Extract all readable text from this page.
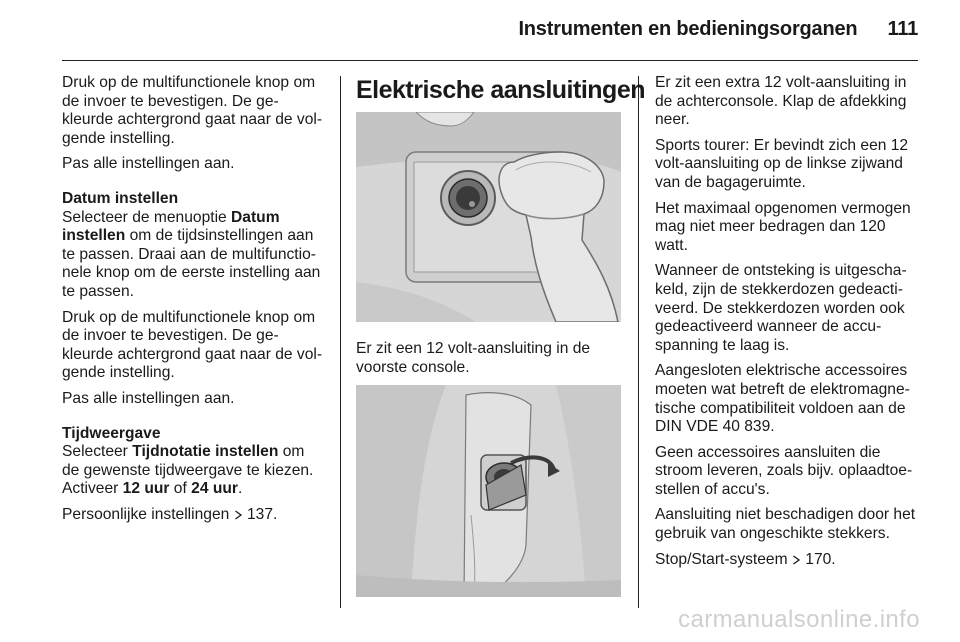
Instrumenten en bedieningsorganen 111

Druk op de multifunctionele knop om de invoer te bevestigen. De gekleurde achtergrond gaat naar de volgende instelling.

Pas alle instellingen aan.

Datum instellen

Selecteer de menuoptie Datum instellen om de tijdsinstellingen aan te passen. Draai aan de multifunctionele knop om de eerste instelling aan te passen.

Druk op de multifunctionele knop om de invoer te bevestigen. De gekleurde achtergrond gaat naar de volgende instelling.

Pas alle instellingen aan.

Tijdweergave

Selecteer Tijdnotatie instellen om de gewenste tijdweergave te kiezen. Activeer 12 uur of 24 uur.

Persoonlijke instellingen  137.

Elektrische aansluitingen

Er zit een 12 volt-aansluiting in de voorste console.

Er zit een extra 12 volt-aansluiting in de achterconsole. Klap de afdekking neer.

Sports tourer: Er bevindt zich een 12 volt-aansluiting op de linkse zijwand van de bagageruimte.

Het maximaal opgenomen vermogen mag niet meer bedragen dan 120 watt.

Wanneer de ontsteking is uitgeschakeld, zijn de stekkerdozen gedeactiveerd. De stekkerdozen worden ook gedeactiveerd wanneer de accuspanning te laag is.

Aangesloten elektrische accessoires moeten wat betreft de elektromagnetische compatibiliteit voldoen aan de DIN VDE 40 839.

Geen accessoires aansluiten die stroom leveren, zoals bijv. oplaadtoestellen of accu's.

Aansluiting niet beschadigen door het gebruik van ongeschikte stekkers.

Stop/Start-systeem  170.

carmanualsonline.info
